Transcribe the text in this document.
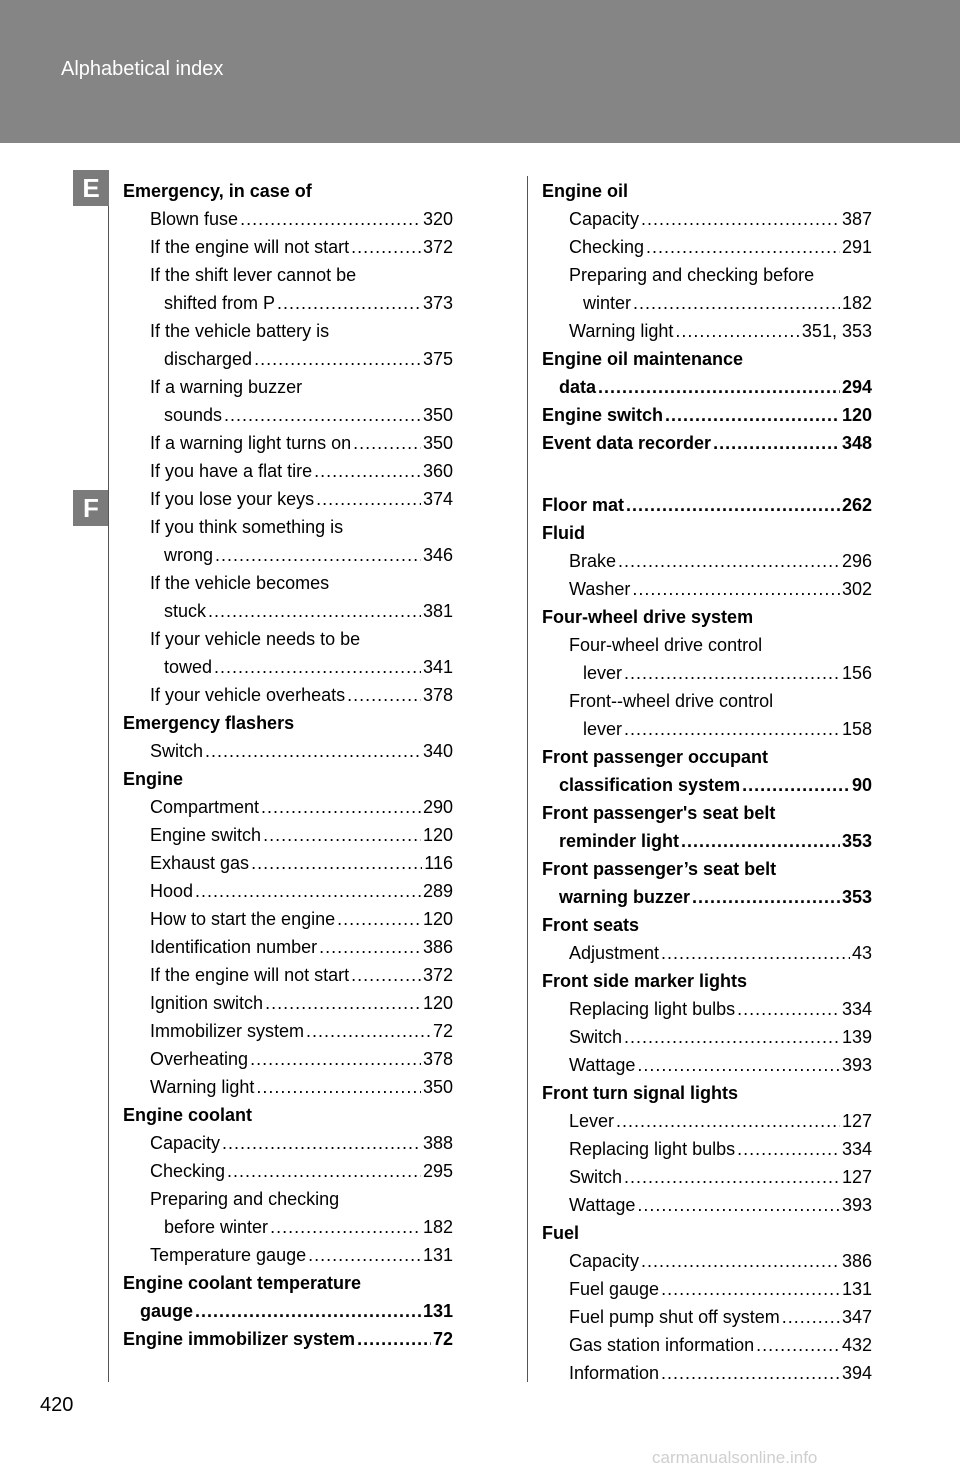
Alphabetical index
E
F
Emergency, in case of
Blown fuse .....	320
If the engine will not start .....	372
If the shift lever cannot be
shifted from P .....	373
If the vehicle battery is
discharged .....	375
If a warning buzzer
sounds .....	350
If a warning light turns on .....	350
If you have a flat tire .....	360
If you lose your keys .....	374
If you think something is
wrong .....	346
If the vehicle becomes
stuck .....	381
If your vehicle needs to be
towed .....	341
If your vehicle overheats .....	378
Emergency flashers
Switch .....	340
Engine
Compartment .....	290
Engine switch .....	120
Exhaust gas .....	116
Hood .....	289
How to start the engine .....	120
Identification number .....	386
If the engine will not start .....	372
Ignition switch .....	120
Immobilizer system .....	72
Overheating .....	378
Warning light .....	350
Engine coolant
Capacity .....	388
Checking .....	295
Preparing and checking
before winter .....	182
Temperature gauge .....	131
Engine coolant temperature
gauge .....	131
Engine immobilizer system .....	72
Engine oil
Capacity .....	387
Checking .....	291
Preparing and checking before
winter .....	182
Warning light .....	351, 353
Engine oil maintenance
data .....	294
Engine switch .....	120
Event data recorder .....	348
Floor mat .....	262
Fluid
Brake .....	296
Washer .....	302
Four-wheel drive system
Four-wheel drive control
lever .....	156
Front--wheel drive control
lever .....	158
Front passenger occupant
classification system .....	90
Front passenger's seat belt
reminder light .....	353
Front passenger’s seat belt
warning buzzer .....	353
Front seats
Adjustment .....	43
Front side marker lights
Replacing light bulbs .....	334
Switch .....	139
Wattage .....	393
Front turn signal lights
Lever .....	127
Replacing light bulbs .....	334
Switch .....	127
Wattage .....	393
Fuel
Capacity .....	386
Fuel gauge .....	131
Fuel pump shut off system .....	347
Gas station information .....	432
Information .....	394
420
carmanualsonline.info
